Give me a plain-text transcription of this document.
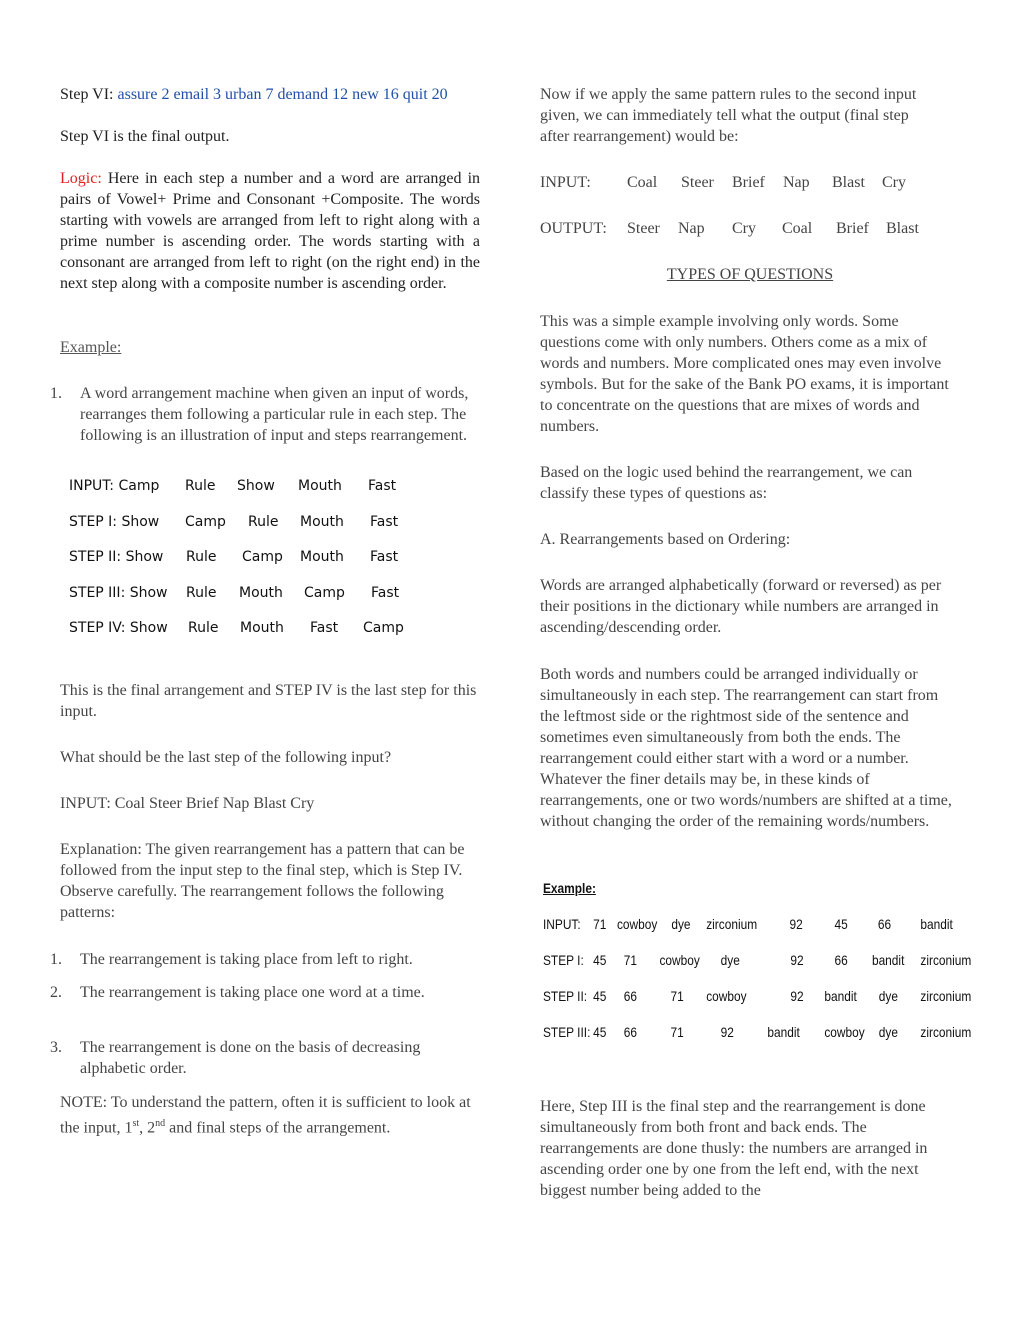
Step VI: assure 2 email 3 urban 7 demand 12 new 16 quit 20
Step VI is the final output.
Logic: Here in each step a number and a word are arranged in pairs of Vowel+ Prime and Consonant +Composite. The words starting with vowels are arranged from left to right along with a prime number is ascending order. The words starting with a consonant are arranged from left to right (on the right end) in the next step along with a composite number is ascending order.
Example:
1. A word arrangement machine when given an input of words, rearranges them following a particular rule in each step. The following is an illustration of input and steps rearrangement.
INPUT: Camp Rule Show Mouth Fast
STEP I: Show Camp Rule Mouth Fast
STEP II: Show Rule Camp Mouth Fast
STEP III: Show Rule Mouth Camp Fast
STEP IV: Show Rule Mouth Fast Camp
This is the final arrangement and STEP IV is the last step for this input.
What should be the last step of the following input?
INPUT: Coal Steer Brief Nap Blast Cry
Explanation: The given rearrangement has a pattern that can be followed from the input step to the final step, which is Step IV. Observe carefully. The rearrangement follows the following patterns:
1. The rearrangement is taking place from left to right.
2. The rearrangement is taking place one word at a time.
3. The rearrangement is done on the basis of decreasing alphabetic order.
NOTE: To understand the pattern, often it is sufficient to look at the input, 1st, 2nd and final steps of the arrangement.
Now if we apply the same pattern rules to the second input given, we can immediately tell what the output (final step after rearrangement) would be:
INPUT: Coal Steer Brief Nap Blast Cry
OUTPUT: Steer Nap Cry Coal Brief Blast
TYPES OF QUESTIONS
This was a simple example involving only words. Some questions come with only numbers. Others come as a mix of words and numbers. More complicated ones may even involve symbols. But for the sake of the Bank PO exams, it is important to concentrate on the questions that are mixes of words and numbers.
Based on the logic used behind the rearrangement, we can classify these types of questions as:
A. Rearrangements based on Ordering:
Words are arranged alphabetically (forward or reversed) as per their positions in the dictionary while numbers are arranged in ascending/descending order.
Both words and numbers could be arranged individually or simultaneously in each step. The rearrangement can start from the leftmost side or the rightmost side of the sentence and sometimes even simultaneously from both the ends. The rearrangement could either start with a word or a number. Whatever the finer details may be, in these kinds of rearrangements, one or two words/numbers are shifted at a time, without changing the order of the remaining words/numbers.
Example:
INPUT: 71 cowboy dye zirconium 92 45 66 bandit
STEP I: 45 71 cowboy dye	92 66 bandit zirconium
STEP II: 45 66 71 cowboy	92 bandit dye zirconium
STEP III: 45 66 71	92 bandit cowboy dye zirconium
Here, Step III is the final step and the rearrangement is done simultaneously from both front and back ends. The rearrangements are done thusly: the numbers are arranged in ascending order one by one from the left end, with the next biggest number being added to the
